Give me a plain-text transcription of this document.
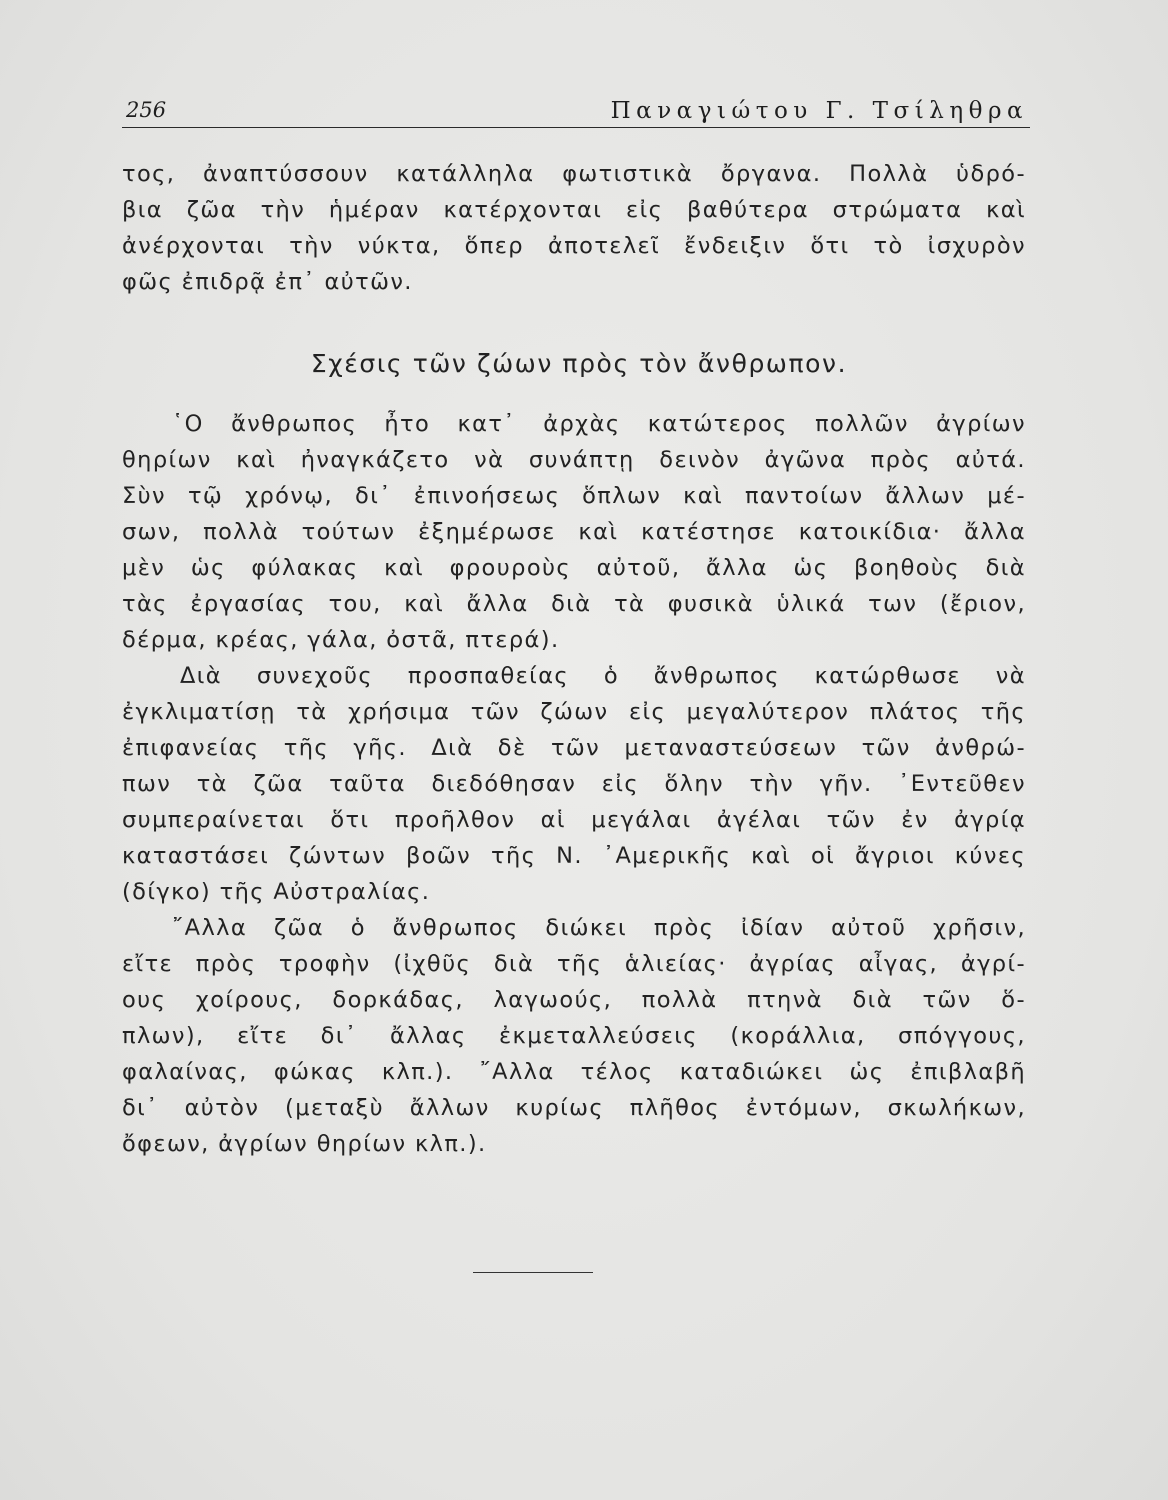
256	Παναγιώτου Γ. Τσίληθρα
τος, ἀναπτύσσουν κατάλληλα φωτιστικὰ ὄργανα. Πολλὰ ὑδρό-
βια ζῶα τὴν ἡμέραν κατέρχονται εἰς βαθύτερα στρώματα καὶ
ἀνέρχονται τὴν νύκτα, ὅπερ ἀποτελεῖ ἔνδειξιν ὅτι τὸ ἰσχυρὸν
φῶς ἐπιδρᾷ ἐπ᾽ αὐτῶν.
Σχέσις τῶν ζώων πρὸς τὸν ἄνθρωπον.
῾Ο ἄνθρωπος ἦτο κατ᾽ ἀρχὰς κατώτερος πολλῶν ἀγρίων
θηρίων καὶ ἠναγκάζετο νὰ συνάπτῃ δεινὸν ἀγῶνα πρὸς αὐτά.
Σὺν τῷ χρόνῳ, δι᾽ ἐπινοήσεως ὅπλων καὶ παντοίων ἄλλων μέ-
σων, πολλὰ τούτων ἐξημέρωσε καὶ κατέστησε κατοικίδια· ἄλλα
μὲν ὡς φύλακας καὶ φρουροὺς αὐτοῦ, ἄλλα ὡς βοηθοὺς διὰ
τὰς ἐργασίας του, καὶ ἄλλα διὰ τὰ φυσικὰ ὑλικά των (ἔριον,
δέρμα, κρέας, γάλα, ὀστᾶ, πτερά).
Διὰ συνεχοῦς προσπαθείας ὁ ἄνθρωπος κατώρθωσε νὰ
ἐγκλιματίσῃ τὰ χρήσιμα τῶν ζώων εἰς μεγαλύτερον πλάτος τῆς
ἐπιφανείας τῆς γῆς. Διὰ δὲ τῶν μεταναστεύσεων τῶν ἀνθρώ-
πων τὰ ζῶα ταῦτα διεδόθησαν εἰς ὅλην τὴν γῆν. ᾿Εντεῦθεν
συμπεραίνεται ὅτι προῆλθον αἱ μεγάλαι ἀγέλαι τῶν ἐν ἀγρίᾳ
καταστάσει ζώντων βοῶν τῆς Ν. ᾿Αμερικῆς καὶ οἱ ἄγριοι κύνες
(δίγκο) τῆς Αὐστραλίας.
῎Αλλα ζῶα ὁ ἄνθρωπος διώκει πρὸς ἰδίαν αὐτοῦ χρῆσιν,
εἴτε πρὸς τροφὴν (ἰχθῦς διὰ τῆς ἁλιείας· ἀγρίας αἶγας, ἀγρί-
ους χοίρους, δορκάδας, λαγωούς, πολλὰ πτηνὰ διὰ τῶν ὅ-
πλων), εἴτε δι᾽ ἄλλας ἐκμεταλλεύσεις (κοράλλια, σπόγγους,
φαλαίνας, φώκας κλπ.). ῎Αλλα τέλος καταδιώκει ὡς ἐπιβλαβῆ
δι᾽ αὐτὸν (μεταξὺ ἄλλων κυρίως πλῆθος ἐντόμων, σκωλήκων,
ὄφεων, ἀγρίων θηρίων κλπ.).
